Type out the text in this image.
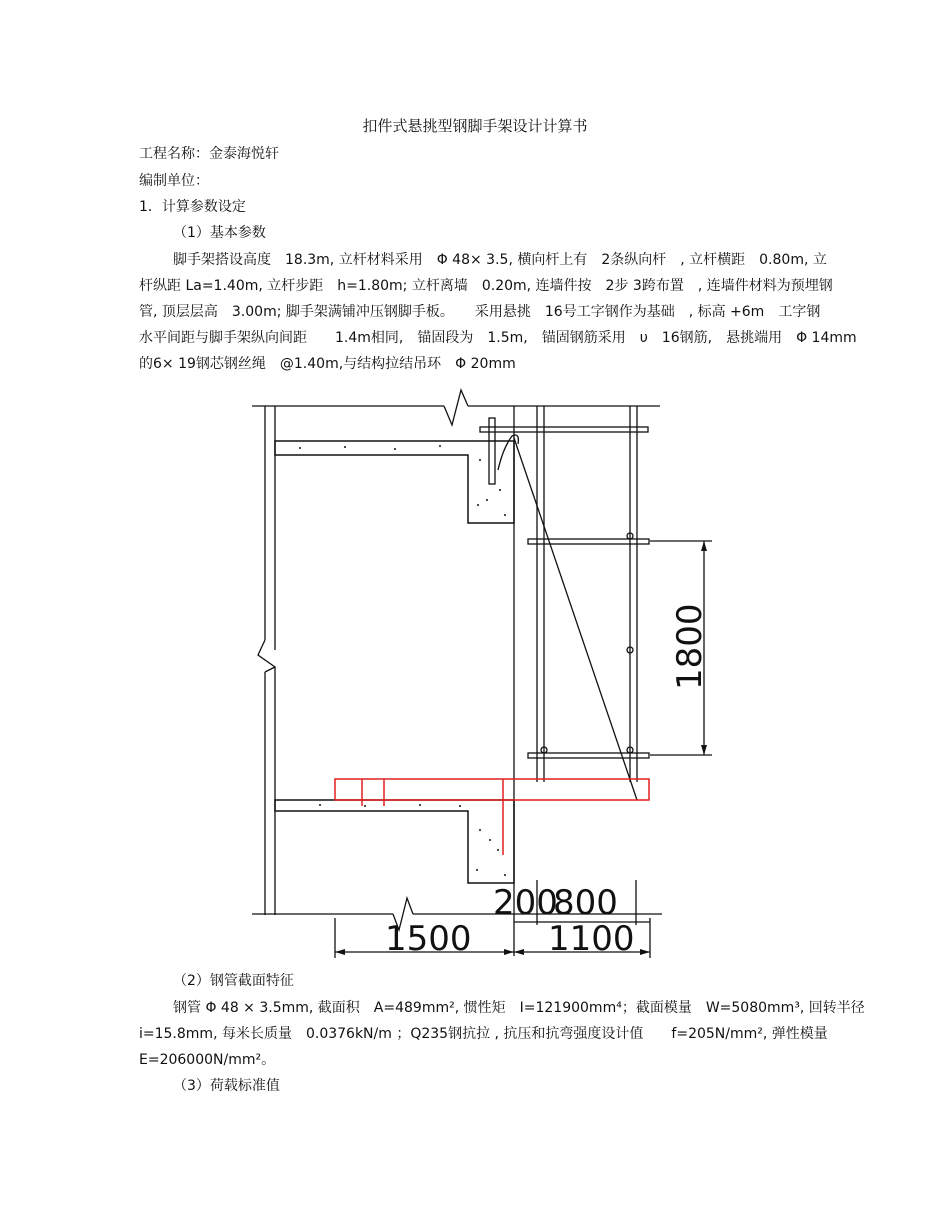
扣件式悬挑型钢脚手架设计计算书
工程名称：金泰海悦轩
编制单位：
1．计算参数设定
（1）基本参数
脚手架搭设高度　18.3m, 立杆材料采用　Φ 48× 3.5, 横向杆上有　2条纵向杆　, 立杆横距　0.80m, 立
杆纵距 La=1.40m, 立杆步距　h=1.80m; 立杆离墙　0.20m, 连墙件按　2步 3跨布置　, 连墙件材料为预埋钢
管, 顶层层高　3.00m; 脚手架满铺冲压钢脚手板。　　采用悬挑　16号工字钢作为基础　, 标高 +6m　工字钢
水平间距与脚手架纵向间距　　1.4m相同,　锚固段为　1.5m,　锚固钢筋采用　υ　16钢筋,　悬挑端用　Φ 14mm
的6× 19钢芯钢丝绳　@1.40m,与结构拉结吊环　Φ 20mm
1800
200
800
1500 1100
（2）钢管截面特征
钢管 Φ 48 × 3.5mm, 截面积　A=489mm², 惯性矩　I=121900mm⁴；截面模量　W=5080mm³, 回转半径
i=15.8mm, 每米长质量　0.0376kN/m ；Q235钢抗拉 , 抗压和抗弯强度设计值　　f=205N/mm², 弹性模量
E=206000N/mm²。
（3）荷载标准值
